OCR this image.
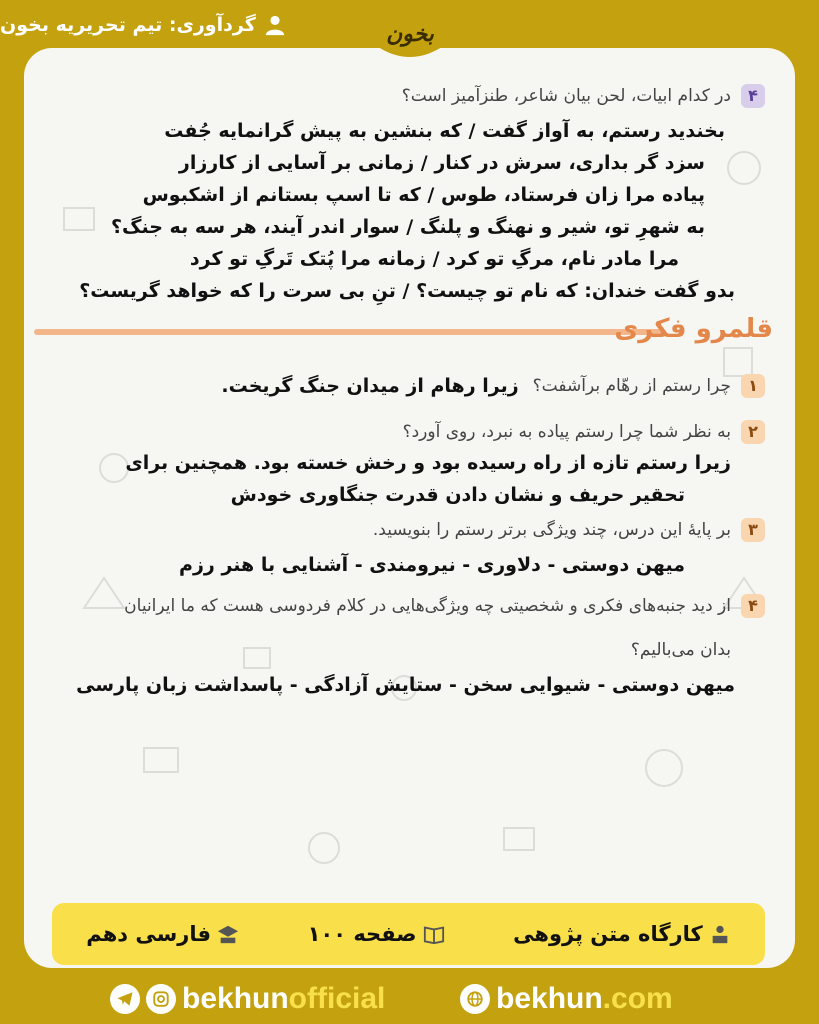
گردآوری: تیم تحریریه بخون
۴
در کدام ابیات، لحن بیان شاعر، طنزآمیز است؟
بخندید رستم، به آواز گفت / که بنشین به پیش گرانمایه جُفت
سزد گر بداری، سرش در کنار / زمانی بر آسایی از کارزار
پیاده مرا زان فرستاد، طوس / که تا اسپ بستانم از اشکبوس
به شهرِ تو، شیر و نهنگ و پلنگ / سوار اندر آیند، هر سه به جنگ؟
مرا مادر نام، مرگِ تو کرد / زمانه مرا پُتک تَرگِ تو کرد
بدو گفت خندان: که نام تو چیست؟ / تنِ بی سرت را که خواهد گریست؟
قلمرو فکری
۱
چرا رستم از رهّام برآشفت؟
زیرا رهام از میدان جنگ گریخت.
۲
به نظر شما چرا رستم پیاده به نبرد، روی آورد؟
زیرا رستم تازه از راه رسیده بود و رخش خسته بود. همچنین برای
تحقیر حریف و نشان دادن قدرت جنگاوری خودش
۳
بر پایهٔ این درس، چند ویژگی برتر رستم را بنویسید.
میهن دوستی - دلاوری - نیرومندی - آشنایی با هنر رزم
۴
از دید جنبه‌های فکری و شخصیتی چه ویژگی‌هایی در کلام فردوسی هست که ما ایرانیان
بدان می‌بالیم؟
میهن دوستی - شیوایی سخن - ستایش آزادگی - پاسداشت زبان پارسی
بخون
کارگاه متن پژوهی
صفحه ۱۰۰
فارسی دهم
bekhunofficial	bekhun.com
